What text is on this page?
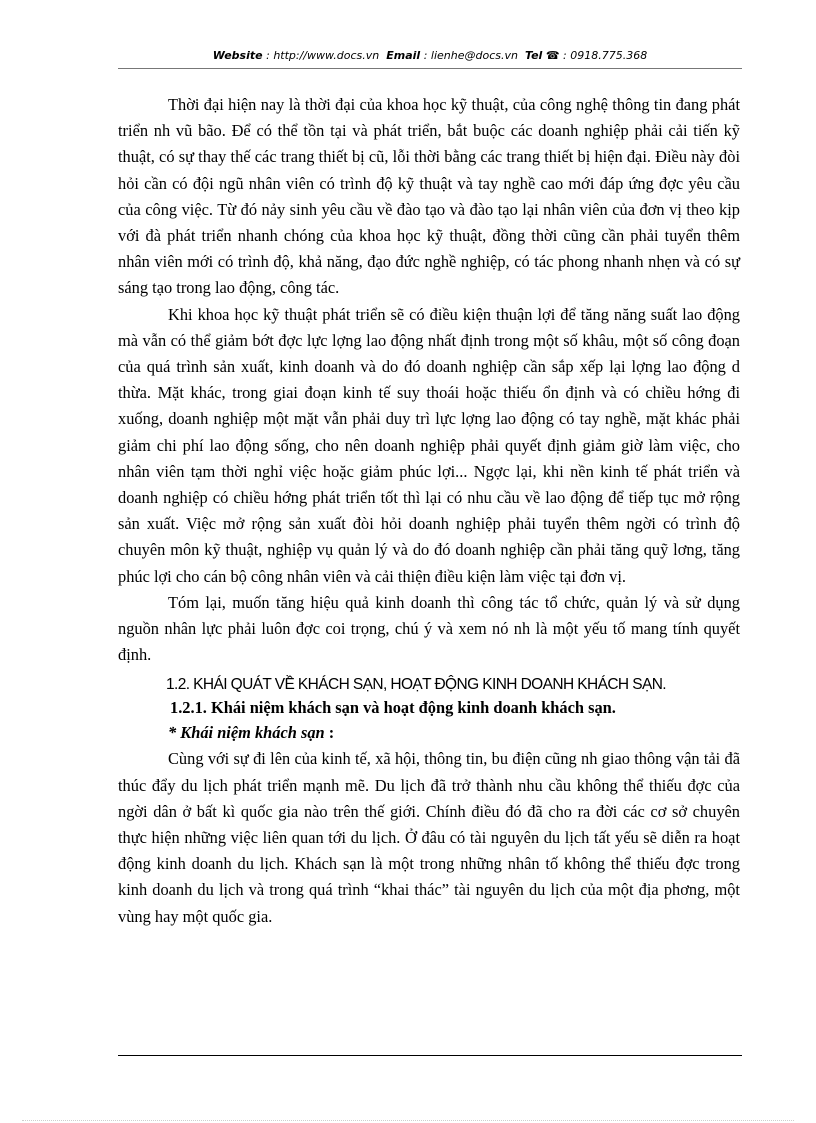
Website : http://www.docs.vn Email : lienhe@docs.vn Tel ☎ : 0918.775.368

Thời đại hiện nay là thời đại của khoa học kỹ thuật, của công nghệ thông tin đang phát triển nh vũ bão. Để có thể tồn tại và phát triển, bắt buộc các doanh nghiệp phải cải tiến kỹ thuật, có sự thay thế các trang thiết bị cũ, lỗi thời bằng các trang thiết bị hiện đại. Điều này đòi hỏi cần có đội ngũ nhân viên có trình độ kỹ thuật và tay nghề cao mới đáp ứng đợc yêu cầu của công việc. Từ đó nảy sinh yêu cầu về đào tạo và đào tạo lại nhân viên của đơn vị theo kịp với đà phát triển nhanh chóng của khoa học kỹ thuật, đồng thời cũng cần phải tuyển thêm nhân viên mới có trình độ, khả năng, đạo đức nghề nghiệp, có tác phong nhanh nhẹn và có sự sáng tạo trong lao động, công tác.

Khi khoa học kỹ thuật phát triển sẽ có điều kiện thuận lợi để tăng năng suất lao động mà vẫn có thể giảm bớt đợc lực lợng lao động nhất định trong một số khâu, một số công đoạn của quá trình sản xuất, kinh doanh và do đó doanh nghiệp cần sắp xếp lại lợng lao động d thừa. Mặt khác, trong giai đoạn kinh tế suy thoái hoặc thiếu ổn định và có chiều hớng đi xuống, doanh nghiệp một mặt vẫn phải duy trì lực lợng lao động có tay nghề, mặt khác phải giảm chi phí lao động sống, cho nên doanh nghiệp phải quyết định giảm giờ làm việc, cho nhân viên tạm thời nghỉ việc hoặc giảm phúc lợi... Ngợc lại, khi nền kinh tế phát triển và doanh nghiệp có chiều hớng phát triển tốt thì lại có nhu cầu về lao động để tiếp tục mở rộng sản xuất. Việc mở rộng sản xuất đòi hỏi doanh nghiệp phải tuyển thêm ngời có trình độ chuyên môn kỹ thuật, nghiệp vụ quản lý và do đó doanh nghiệp cần phải tăng quỹ lơng, tăng phúc lợi cho cán bộ công nhân viên và cải thiện điều kiện làm việc tại đơn vị.

Tóm lại, muốn tăng hiệu quả kinh doanh thì công tác tổ chức, quản lý và sử dụng nguồn nhân lực phải luôn đợc coi trọng, chú ý và xem nó nh là một yếu tố mang tính quyết định.

1.2. KHÁI QUÁT VỀ KHÁCH SẠN, HOẠT ĐỘNG KINH DOANH KHÁCH SẠN.

1.2.1. Khái niệm khách sạn và hoạt động kinh doanh khách sạn.

* Khái niệm khách sạn :

Cùng với sự đi lên của kinh tế, xã hội, thông tin, bu điện cũng nh giao thông vận tải đã thúc đẩy du lịch phát triển mạnh mẽ. Du lịch đã trở thành nhu cầu không thể thiếu đợc của ngời dân ở bất kì quốc gia nào trên thế giới. Chính điều đó đã cho ra đời các cơ sở chuyên thực hiện những việc liên quan tới du lịch. Ở đâu có tài nguyên du lịch tất yếu sẽ diễn ra hoạt động kinh doanh du lịch. Khách sạn là một trong những nhân tố không thể thiếu đợc trong kinh doanh du lịch và trong quá trình “khai thác” tài nguyên du lịch của một địa phơng, một vùng hay một quốc gia.
